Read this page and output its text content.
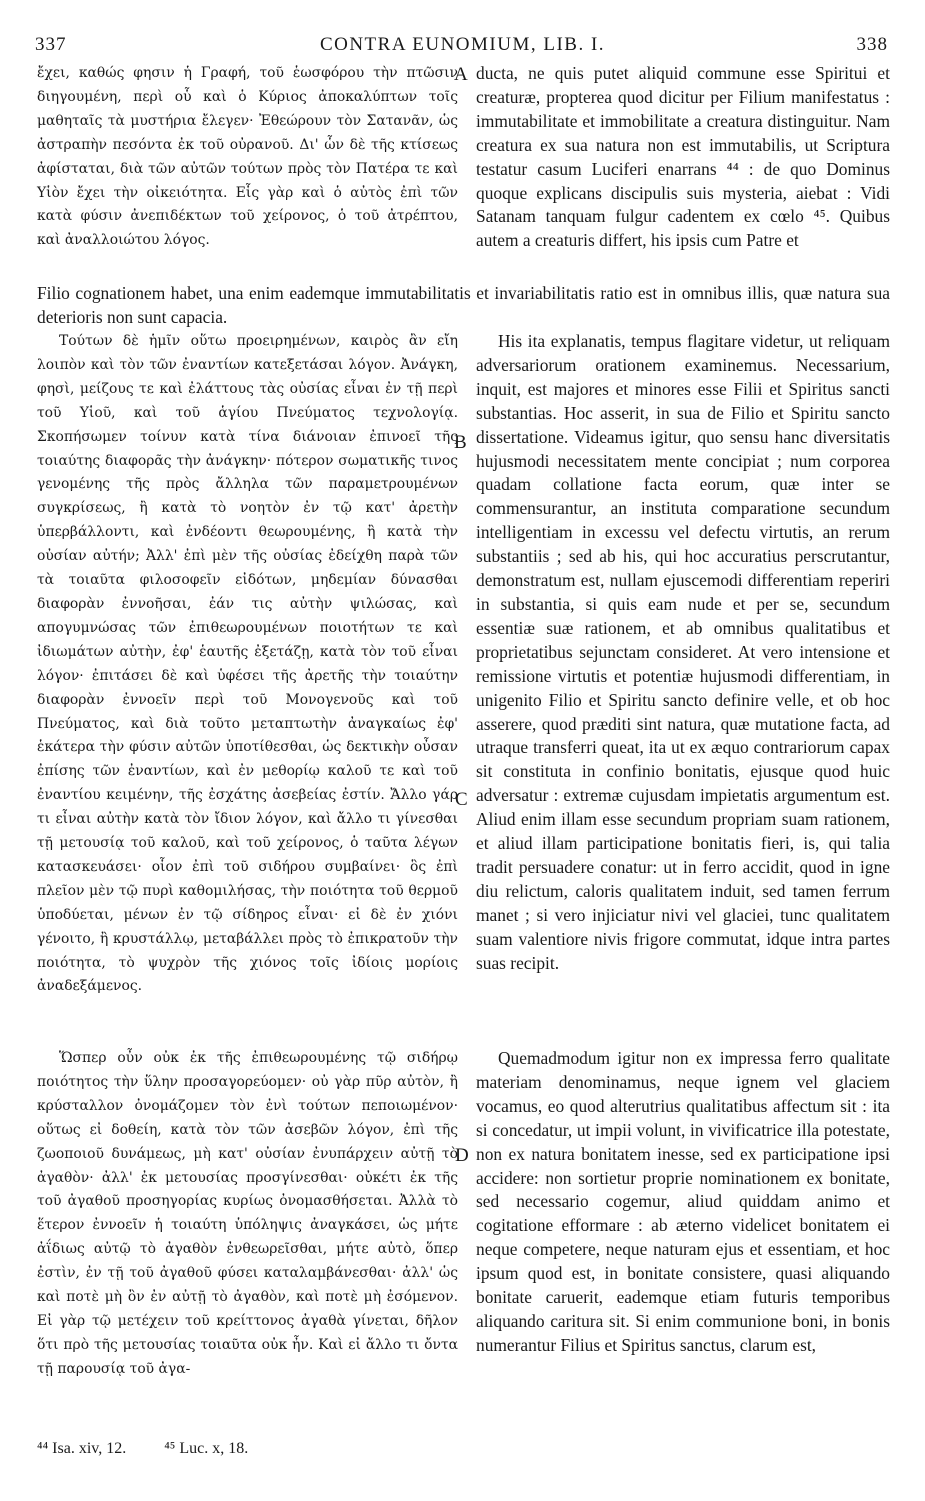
337	CONTRA EUNOMIUM, LIB. I.	338

ἔχει, καθώς φησιν ἡ Γραφή, τοῦ ἑωσφόρου τὴν πτῶσιν διηγουμένη, περὶ οὗ καὶ ὁ Κύριος ἀποκαλύπτων τοῖς μαθηταῖς τὰ μυστήρια ἔλεγεν· Ἐθεώρουν τὸν Σατανᾶν, ὡς ἀστραπὴν πεσόντα ἐκ τοῦ οὐρανοῦ. Δι' ὧν δὲ τῆς κτίσεως ἀφίσταται, διὰ τῶν αὐτῶν τούτων πρὸς τὸν Πατέρα τε καὶ Υἱὸν ἔχει τὴν οἰκειότητα. Εἷς γὰρ καὶ ὁ αὐτὸς ἐπὶ τῶν κατὰ φύσιν ἀνεπιδέκτων τοῦ χείρονος, ὁ τοῦ ἀτρέπτου, καὶ ἀναλλοιώτου λόγος.

ducta, ne quis putet aliquid commune esse Spiritui et creaturæ, propterea quod dicitur per Filium manifestatus : immutabilitate et immobilitate a creatura distinguitur. Nam creatura ex sua natura non est immutabilis, ut Scriptura testatur casum Luciferi enarrans ⁴⁴ : de quo Dominus quoque explicans discipulis suis mysteria, aiebat : Vidi Satanam tanquam fulgur cadentem ex cœlo ⁴⁵. Quibus autem a creaturis differt, his ipsis cum Patre et

Filio cognationem habet, una enim eademque immutabilitatis et invariabilitatis ratio est in omnibus illis, quæ natura sua deterioris non sunt capacia.

Τούτων δὲ ἡμῖν οὕτω προειρημένων, καιρὸς ἂν εἴη λοιπὸν καὶ τὸν τῶν ἐναντίων κατεξετάσαι λόγον. Ἀνάγκη, φησὶ, μείζους τε καὶ ἐλάττους τὰς οὐσίας εἶναι ἐν τῇ περὶ τοῦ Υἱοῦ, καὶ τοῦ ἁγίου Πνεύματος τεχνολογίᾳ. Σκοπήσωμεν τοίνυν κατὰ τίνα διάνοιαν ἐπινοεῖ τῆς τοιαύτης διαφορᾶς τὴν ἀνάγκην· πότερον σωματικῆς τινος γενομένης τῆς πρὸς ἄλληλα τῶν παραμετρουμένων συγκρίσεως, ἢ κατὰ τὸ νοητὸν ἐν τῷ κατ' ἀρετὴν ὑπερβάλλοντι, καὶ ἐνδέοντι θεωρουμένης, ἢ κατὰ τὴν οὐσίαν αὐτήν; Ἀλλ' ἐπὶ μὲν τῆς οὐσίας ἐδείχθη παρὰ τῶν τὰ τοιαῦτα φιλοσοφεῖν εἰδότων, μηδεμίαν δύνασθαι διαφορὰν ἐννοῆσαι, ἐάν τις αὐτὴν ψιλώσας, καὶ απογυμνώσας τῶν ἐπιθεωρουμένων ποιοτήτων τε καὶ ἰδιωμάτων αὐτὴν, ἐφ' ἑαυτῆς ἐξετάζῃ, κατὰ τὸν τοῦ εἶναι λόγον· ἐπιτάσει δὲ καὶ ὑφέσει τῆς ἀρετῆς τὴν τοιαύτην διαφορὰν ἐννοεῖν περὶ τοῦ Μονογενοῦς καὶ τοῦ Πνεύματος, καὶ διὰ τοῦτο μεταπτωτὴν ἀναγκαίως ἐφ' ἑκάτερα τὴν φύσιν αὐτῶν ὑποτίθεσθαι, ὡς δεκτικὴν οὖσαν ἐπίσης τῶν ἐναντίων, καὶ ἐν μεθορίῳ καλοῦ τε καὶ τοῦ ἐναντίου κειμένην, τῆς ἐσχάτης ἀσεβείας ἐστίν. Ἄλλο γάρ τι εἶναι αὐτὴν κατὰ τὸν ἴδιον λόγον, καὶ ἄλλο τι γίνεσθαι τῇ μετουσίᾳ τοῦ καλοῦ, καὶ τοῦ χείρονος, ὁ ταῦτα λέγων κατασκευάσει· οἷον ἐπὶ τοῦ σιδήρου συμβαίνει· ὃς ἐπὶ πλεῖον μὲν τῷ πυρὶ καθομιλήσας, τὴν ποιότητα τοῦ θερμοῦ ὑποδύεται, μένων ἐν τῷ σίδηρος εἶναι· εἰ δὲ ἐν χιόνι γένοιτο, ἢ κρυστάλλῳ, μεταβάλλει πρὸς τὸ ἐπικρατοῦν τὴν ποιότητα, τὸ ψυχρὸν τῆς χιόνος τοῖς ἰδίοις μορίοις ἀναδεξάμενος.

His ita explanatis, tempus flagitare videtur, ut reliquam adversariorum orationem examinemus. Necessarium, inquit, est majores et minores esse Filii et Spiritus sancti substantias. Hoc asserit, in sua de Filio et Spiritu sancto dissertatione. Videamus igitur, quo sensu hanc diversitatis hujusmodi necessitatem mente concipiat ; num corporea quadam collatione facta eorum, quæ inter se commensurantur, an instituta comparatione secundum intelligentiam in excessu vel defectu virtutis, an rerum substantiis ; sed ab his, qui hoc accuratius perscrutantur, demonstratum est, nullam ejuscemodi differentiam reperiri in substantia, si quis eam nude et per se, secundum essentiæ suæ rationem, et ab omnibus qualitatibus et proprietatibus sejunctam consideret. At vero intensione et remissione virtutis et potentiæ hujusmodi differentiam, in unigenito Filio et Spiritu sancto definire velle, et ob hoc asserere, quod præditi sint natura, quæ mutatione facta, ad utraque transferri queat, ita ut ex æquo contrariorum capax sit constituta in confinio bonitatis, ejusque quod huic adversatur : extremæ cujusdam impietatis argumentum est. Aliud enim illam esse secundum propriam suam rationem, et aliud illam participatione bonitatis fieri, is, qui talia tradit persuadere conatur: ut in ferro accidit, quod in igne diu relictum, caloris qualitatem induit, sed tamen ferrum manet ; si vero injiciatur nivi vel glaciei, tunc qualitatem suam valentiore nivis frigore commutat, idque intra partes suas recipit.

Ὥσπερ οὖν οὐκ ἐκ τῆς ἐπιθεωρουμένης τῷ σιδήρῳ ποιότητος τὴν ὕλην προσαγορεύομεν· οὐ γὰρ πῦρ αὐτὸν, ἢ κρύσταλλον ὀνομάζομεν τὸν ἐνὶ τούτων πεποιωμένον· οὕτως εἰ δοθείη, κατὰ τὸν τῶν ἀσεβῶν λόγον, ἐπὶ τῆς ζωοποιοῦ δυνάμεως, μὴ κατ' οὐσίαν ἐνυπάρχειν αὐτῇ τὸ ἀγαθὸν· ἀλλ' ἐκ μετουσίας προσγίνεσθαι· οὐκέτι ἐκ τῆς τοῦ ἀγαθοῦ προσηγορίας κυρίως ὀνομασθήσεται. Ἀλλὰ τὸ ἕτερον ἐννοεῖν ἡ τοιαύτη ὑπόληψις ἀναγκάσει, ὡς μήτε ἀΐδιως αὐτῷ τὸ ἀγαθὸν ἐνθεωρεῖσθαι, μήτε αὐτὸ, ὅπερ ἐστὶν, ἐν τῇ τοῦ ἀγαθοῦ φύσει καταλαμβάνεσθαι· ἀλλ' ὡς καὶ ποτὲ μὴ ὂν ἐν αὐτῇ τὸ ἀγαθὸν, καὶ ποτὲ μὴ ἐσόμενον. Εἰ γὰρ τῷ μετέχειν τοῦ κρείττονος ἀγαθὰ γίνεται, δῆλον ὅτι πρὸ τῆς μετουσίας τοιαῦτα οὐκ ἦν. Καὶ εἰ ἄλλο τι ὄντα τῇ παρουσίᾳ τοῦ ἀγα-

Quemadmodum igitur non ex impressa ferro qualitate materiam denominamus, neque ignem vel glaciem vocamus, eo quod alterutrius qualitatibus affectum sit : ita si concedatur, ut impii volunt, in vivificatrice illa potestate, non ex natura bonitatem inesse, sed ex participatione ipsi accidere: non sortietur proprie nominationem ex bonitate, sed necessario cogemur, aliud quiddam animo et cogitatione efformare : ab æterno videlicet bonitatem ei neque competere, neque naturam ejus et essentiam, et hoc ipsum quod est, in bonitate consistere, quasi aliquando bonitate caruerit, eademque etiam futuris temporibus aliquando caritura sit. Si enim communione boni, in bonis numerantur Filius et Spiritus sanctus, clarum est,

A
B
C
D
⁴⁴ Isa. xiv, 12. ⁴⁵ Luc. x, 18.
